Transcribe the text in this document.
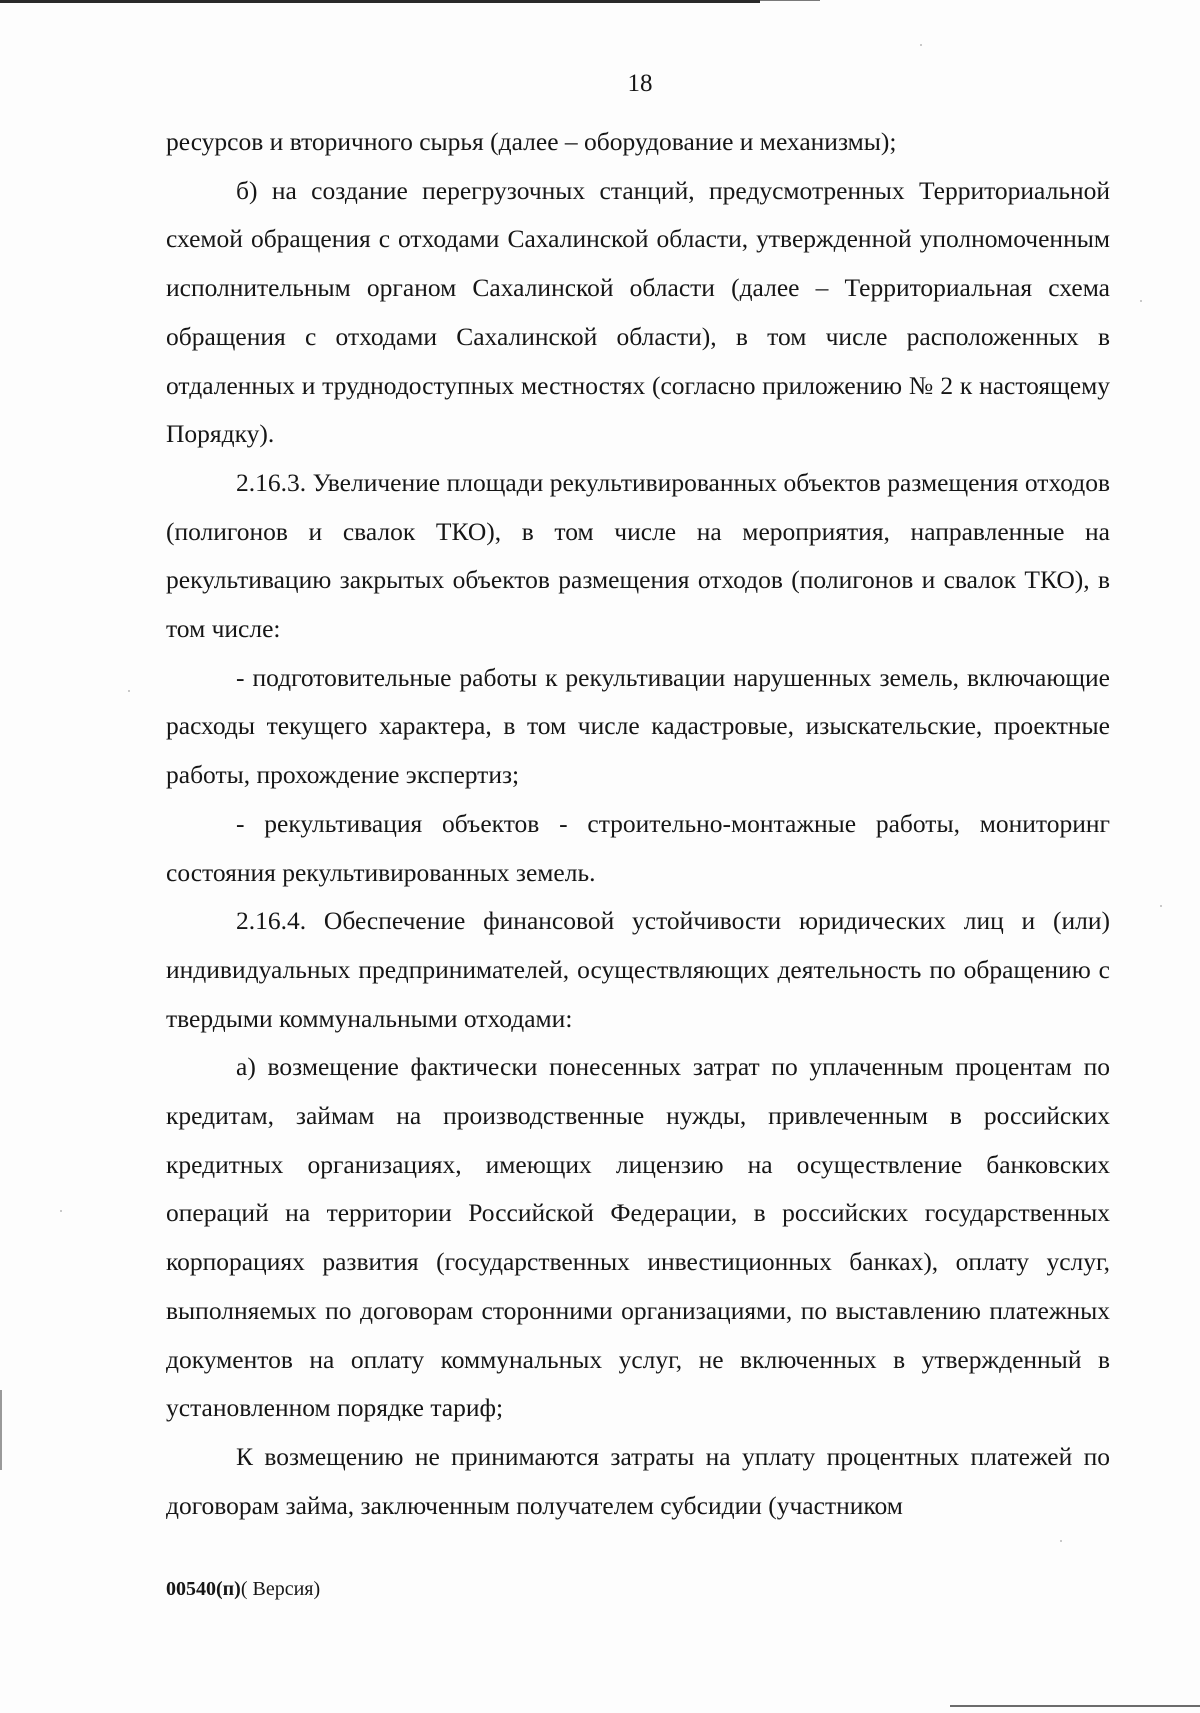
18

ресурсов и вторичного сырья (далее – оборудование и механизмы);

б) на создание перегрузочных станций, предусмотренных Территориальной схемой обращения с отходами Сахалинской области, утвержденной уполномоченным исполнительным органом Сахалинской области (далее – Территориальная схема обращения с отходами Сахалинской области), в том числе расположенных в отдаленных и труднодоступных местностях (согласно приложению № 2 к настоящему Порядку).

2.16.3. Увеличение площади рекультивированных объектов размещения отходов (полигонов и свалок ТКО), в том числе на мероприятия, направленные на рекультивацию закрытых объектов размещения отходов (полигонов и свалок ТКО), в том числе:

- подготовительные работы к рекультивации нарушенных земель, включающие расходы текущего характера, в том числе кадастровые, изыскательские, проектные работы, прохождение экспертиз;

- рекультивация объектов - строительно-монтажные работы, мониторинг состояния рекультивированных земель.

2.16.4. Обеспечение финансовой устойчивости юридических лиц и (или) индивидуальных предпринимателей, осуществляющих деятельность по обращению с твердыми коммунальными отходами:

а) возмещение фактически понесенных затрат по уплаченным процентам по кредитам, займам на производственные нужды, привлеченным в российских кредитных организациях, имеющих лицензию на осуществление банковских операций на территории Российской Федерации, в российских государственных корпорациях развития (государственных инвестиционных банках), оплату услуг, выполняемых по договорам сторонними организациями, по выставлению платежных документов на оплату коммунальных услуг, не включенных в утвержденный в установленном порядке тариф;

К возмещению не принимаются затраты на уплату процентных платежей по договорам займа, заключенным получателем субсидии (участником

00540(п)( Версия)
